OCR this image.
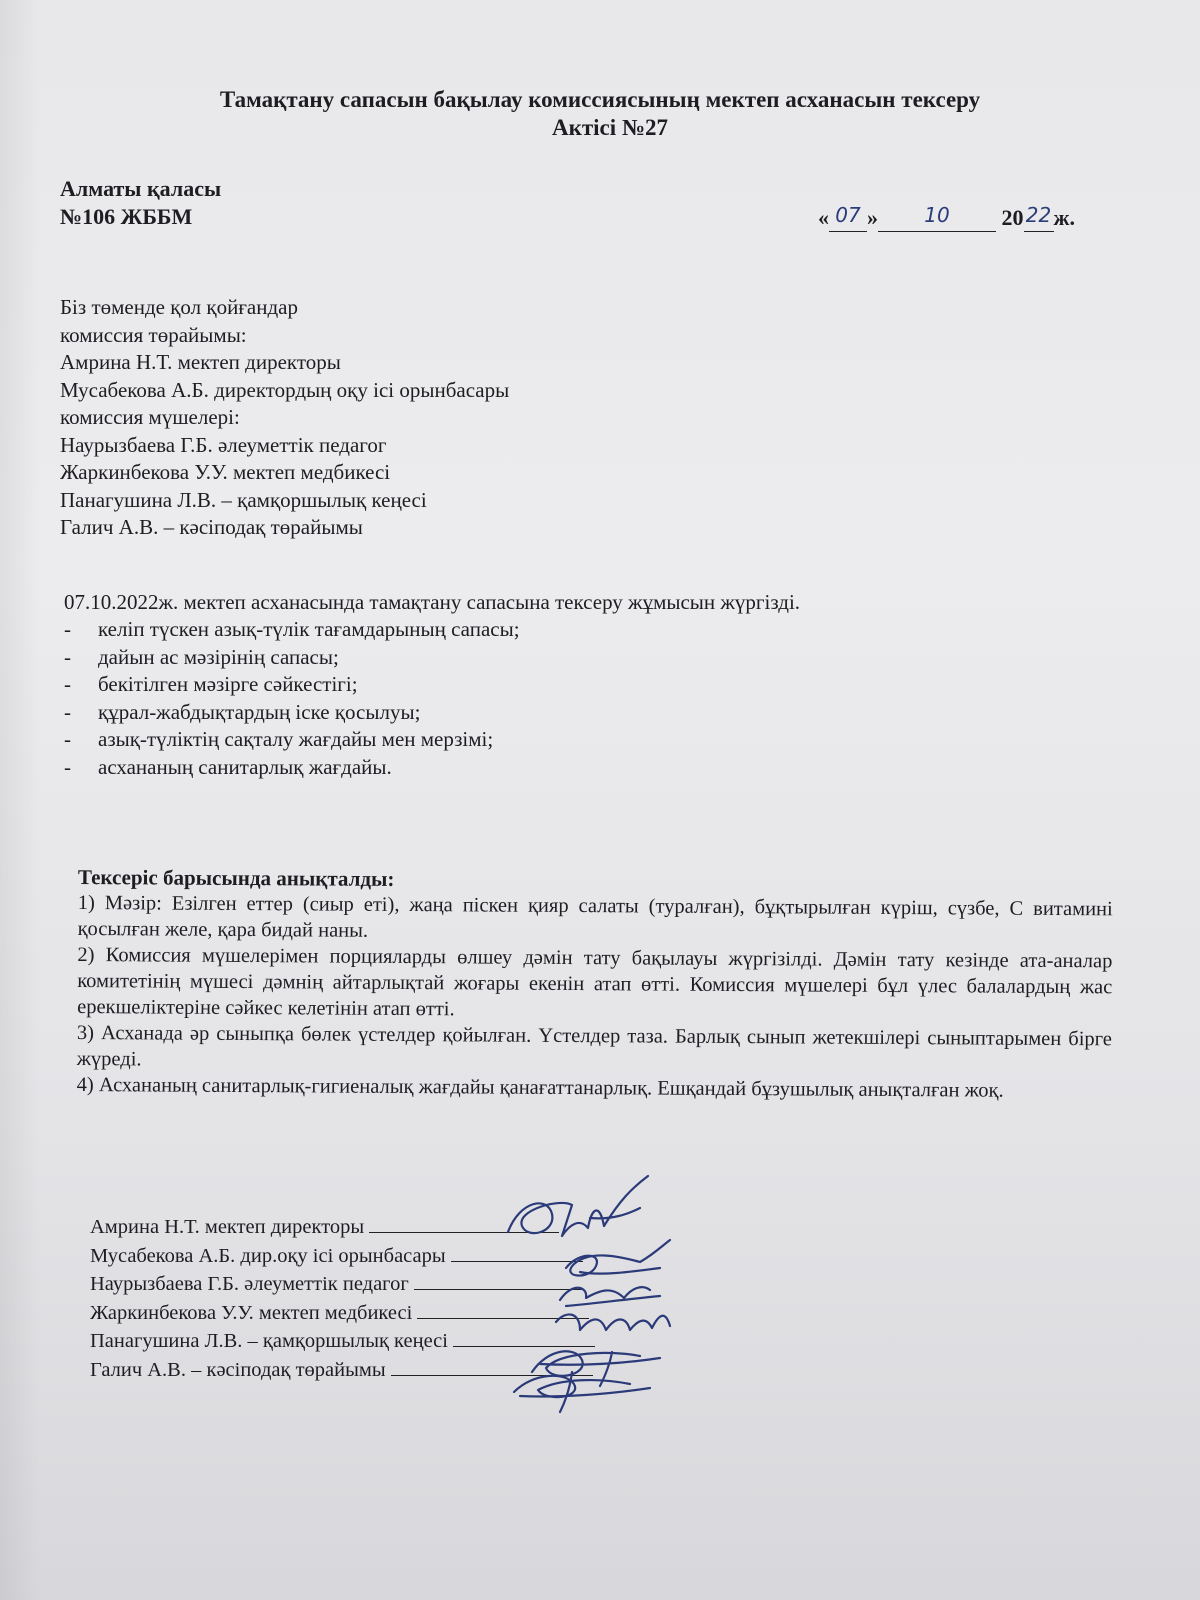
Тамақтану сапасын бақылау комиссиясының мектеп асханасын тексеру
Актісі №27
Алматы қаласы
№106 ЖББМ	« 07 »	10	20 22 ж.
Біз төменде қол қойғандар
комиссия төрайымы:
Амрина Н.Т. мектеп директоры
Мусабекова А.Б. директордың оқу ісі орынбасары
комиссия мүшелері:
Наурызбаева Г.Б. әлеуметтік педагог
Жаркинбекова У.У. мектеп медбикесі
Панагушина Л.В. – қамқоршылық кеңесі
Галич А.В. – кәсіподақ төрайымы
07.10.2022ж. мектеп асханасында тамақтану сапасына тексеру жұмысын жүргізді.
- келіп түскен азық-түлік тағамдарының сапасы;
- дайын ас мәзірінің сапасы;
- бекітілген мәзірге сәйкестігі;
- құрал-жабдықтардың іске қосылуы;
- азық-түліктің сақталу жағдайы мен мерзімі;
- асхананың санитарлық жағдайы.

Тексеріс барысында анықталды:

1) Мәзір: Езілген еттер (сиыр еті), жаңа піскен қияр салаты (туралған), бұқтырылған күріш, сүзбе, С витамині қосылған желе, қара бидай наны.

2) Комиссия мүшелерімен порцияларды өлшеу дәмін тату бақылауы жүргізілді. Дәмін тату кезінде ата-аналар комитетінің мүшесі дәмнің айтарлықтай жоғары екенін атап өтті. Комиссия мүшелері бұл үлес балалардың жас ерекшеліктеріне сәйкес келетінін атап өтті.

3) Асханада әр сыныпқа бөлек үстелдер қойылған. Үстелдер таза. Барлық сынып жетекшілері сыныптарымен бірге жүреді.

4) Асхананың санитарлық-гигиеналық жағдайы қанағаттанарлық. Ешқандай бұзушылық анықталған жоқ.

Амрина Н.Т. мектеп директоры
Мусабекова А.Б. дир.оқу ісі орынбасары
Наурызбаева Г.Б. әлеуметтік педагог
Жаркинбекова У.У. мектеп медбикесі
Панагушина Л.В. – қамқоршылық кеңесі
Галич А.В. – кәсіподақ төрайымы
